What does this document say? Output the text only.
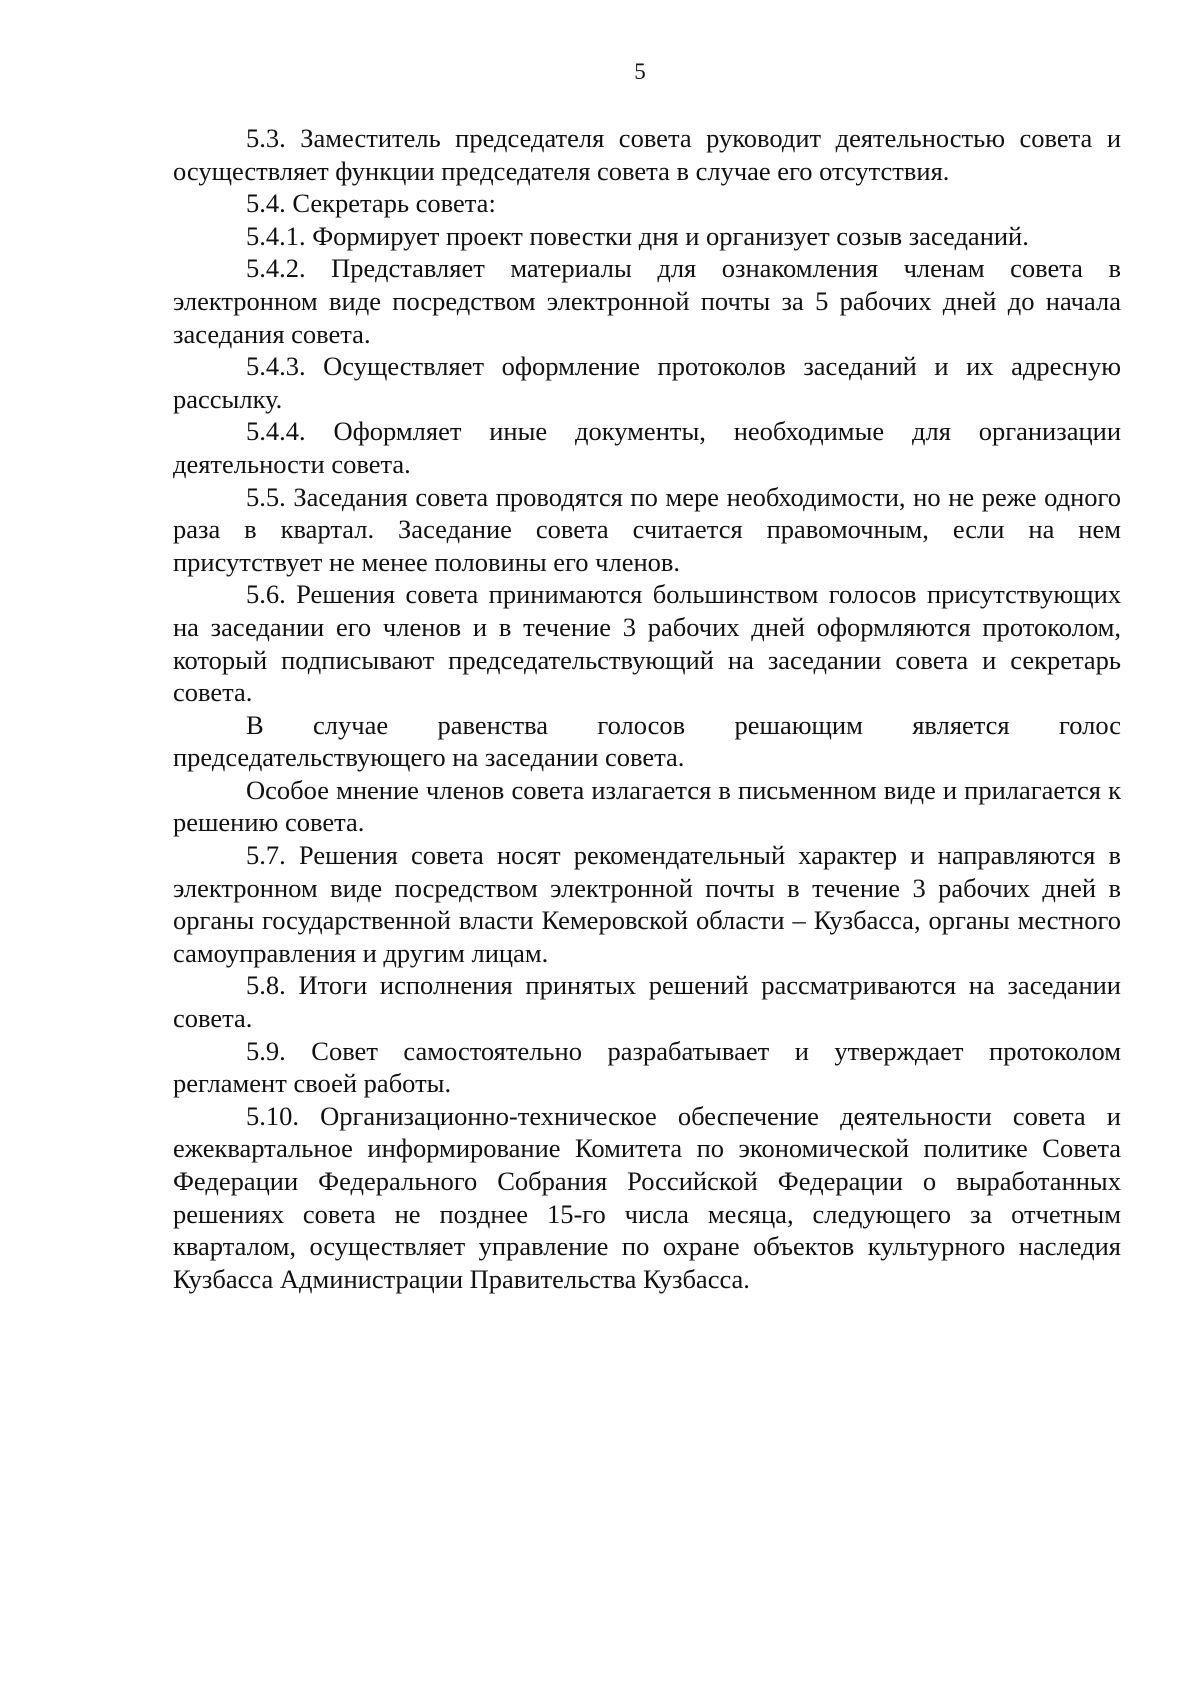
5

5.3. Заместитель председателя совета руководит деятельностью совета и осуществляет функции председателя совета в случае его отсутствия.

5.4. Секретарь совета:

5.4.1. Формирует проект повестки дня и организует созыв заседаний.

5.4.2. Представляет материалы для ознакомления членам совета в электронном виде посредством электронной почты за 5 рабочих дней до начала заседания совета.

5.4.3. Осуществляет оформление протоколов заседаний и их адресную рассылку.

5.4.4. Оформляет иные документы, необходимые для организации деятельности совета.

5.5. Заседания совета проводятся по мере необходимости, но не реже одного раза в квартал. Заседание совета считается правомочным, если на нем присутствует не менее половины его членов.

5.6. Решения совета принимаются большинством голосов присутствующих на заседании его членов и в течение 3 рабочих дней оформляются протоколом, который подписывают председательствующий на заседании совета и секретарь совета.

В случае равенства голосов решающим является голос председательствующего на заседании совета.

Особое мнение членов совета излагается в письменном виде и прилагается к решению совета.

5.7. Решения совета носят рекомендательный характер и направляются в электронном виде посредством электронной почты в течение 3 рабочих дней в органы государственной власти Кемеровской области – Кузбасса, органы местного самоуправления и другим лицам.

5.8. Итоги исполнения принятых решений рассматриваются на заседании совета.

5.9. Совет самостоятельно разрабатывает и утверждает протоколом регламент своей работы.

5.10. Организационно-техническое обеспечение деятельности совета и ежеквартальное информирование Комитета по экономической политике Совета Федерации Федерального Собрания Российской Федерации о выработанных решениях совета не позднее 15-го числа месяца, следующего за отчетным кварталом, осуществляет управление по охране объектов культурного наследия Кузбасса Администрации Правительства Кузбасса.
